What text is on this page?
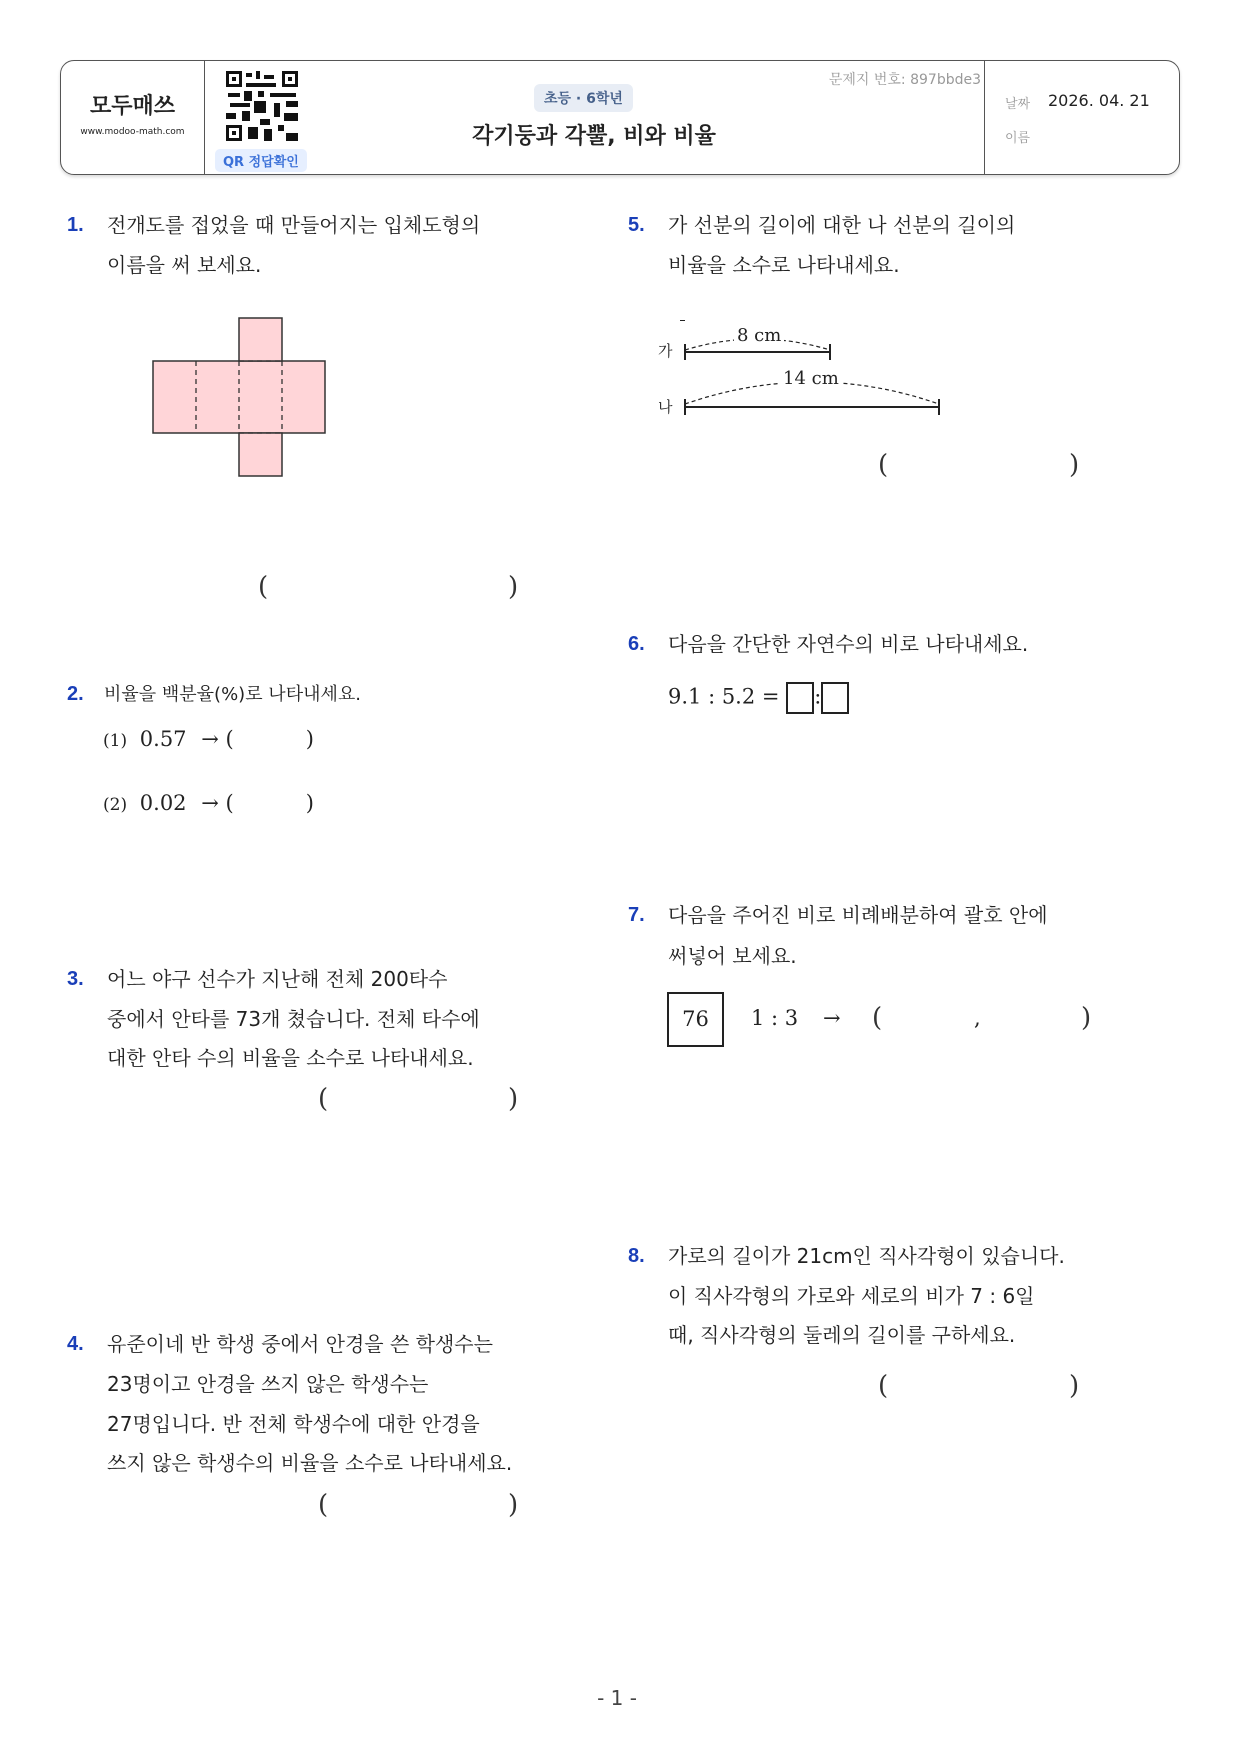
모두매쓰
www.modoo-math.com
QR 정답확인
문제지 번호: 897bbde3
초등 · 6학년
각기둥과 각뿔, 비와 비율
날짜 2026. 04. 21
이름
1. 전개도를 접었을 때 만들어지는 입체도형의
이름을 써 보세요.
(	)
2. 비율을 백분율(%)로 나타내세요.
(1) 0.57 → (	)
(2) 0.02 → (	)
3. 어느 야구 선수가 지난해 전체 200타수
중에서 안타를 73개 쳤습니다. 전체 타수에
대한 안타 수의 비율을 소수로 나타내세요.
(	)
4. 유준이네 반 학생 중에서 안경을 쓴 학생수는
23명이고 안경을 쓰지 않은 학생수는
27명입니다. 반 전체 학생수에 대한 안경을
쓰지 않은 학생수의 비율을 소수로 나타내세요.
(	)
5. 가 선분의 길이에 대한 나 선분의 길이의
비율을 소수로 나타내세요.
가
나
8 cm
14 cm
(	)
6. 다음을 간단한 자연수의 비로 나타내세요.
9.1 : 5.2 = :
7. 다음을 주어진 비로 비례배분하여 괄호 안에
써넣어 보세요.
76	1 : 3 → (	,	)
8. 가로의 길이가 21cm인 직사각형이 있습니다.
이 직사각형의 가로와 세로의 비가 7 : 6일
때, 직사각형의 둘레의 길이를 구하세요.
(	)
- 1 -
